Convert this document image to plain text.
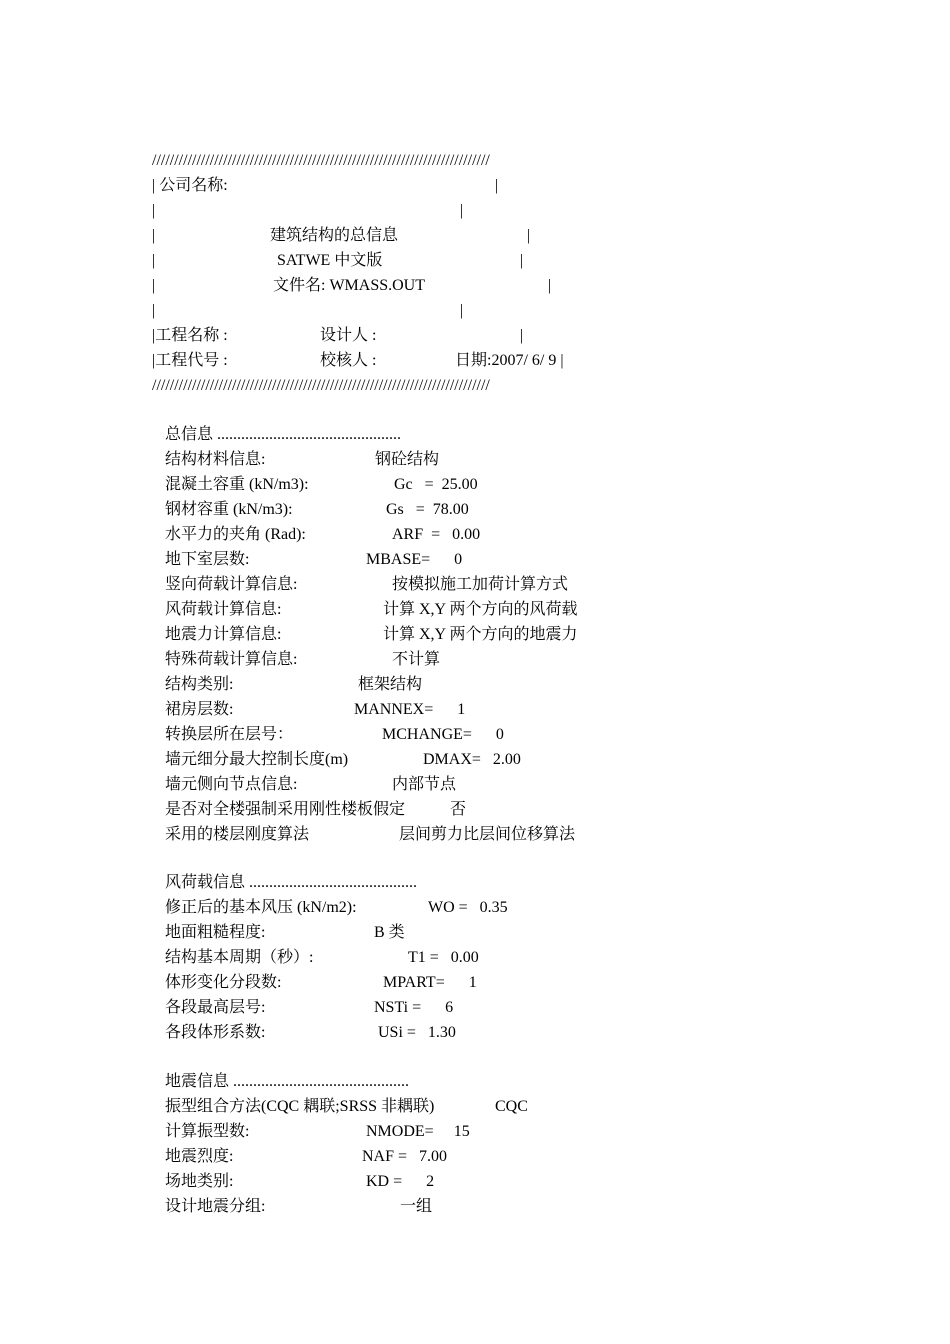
////////////////////////////////////////////////////////////////////////////
| 公司名称:	|
|	|
|	建筑结构的总信息	|
|	SATWE 中文版	|
|	文件名: WMASS.OUT	|
|	|
|工程名称 :	设计人 :	|
|工程代号 :	校核人 :	日期:2007/ 6/ 9 |
////////////////////////////////////////////////////////////////////////////
总信息 ..............................................
结构材料信息:	钢砼结构
混凝土容重 (kN/m3):	Gc   =  25.00
钢材容重 (kN/m3):	Gs   =  78.00
水平力的夹角 (Rad):	ARF  =   0.00
地下室层数:	MBASE=      0
竖向荷载计算信息:	按模拟施工加荷计算方式
风荷载计算信息:	计算 X,Y 两个方向的风荷载
地震力计算信息:	计算 X,Y 两个方向的地震力
特殊荷载计算信息:	不计算
结构类别:	框架结构
裙房层数:	MANNEX=      1
转换层所在层号：	MCHANGE=      0
墙元细分最大控制长度(m)	DMAX=   2.00
墙元侧向节点信息:	内部节点
是否对全楼强制采用刚性楼板假定	否
采用的楼层刚度算法	层间剪力比层间位移算法
风荷载信息 ..........................................
修正后的基本风压 (kN/m2):	WO =   0.35
地面粗糙程度:	B 类
结构基本周期（秒）:	T1 =   0.00
体形变化分段数:	MPART=      1
各段最高层号:	NSTi =      6
各段体形系数:	USi =   1.30
地震信息 ............................................
振型组合方法(CQC 耦联;SRSS 非耦联)	CQC
计算振型数:	NMODE=     15
地震烈度:	NAF =   7.00
场地类别:	KD =      2
设计地震分组:	一组
